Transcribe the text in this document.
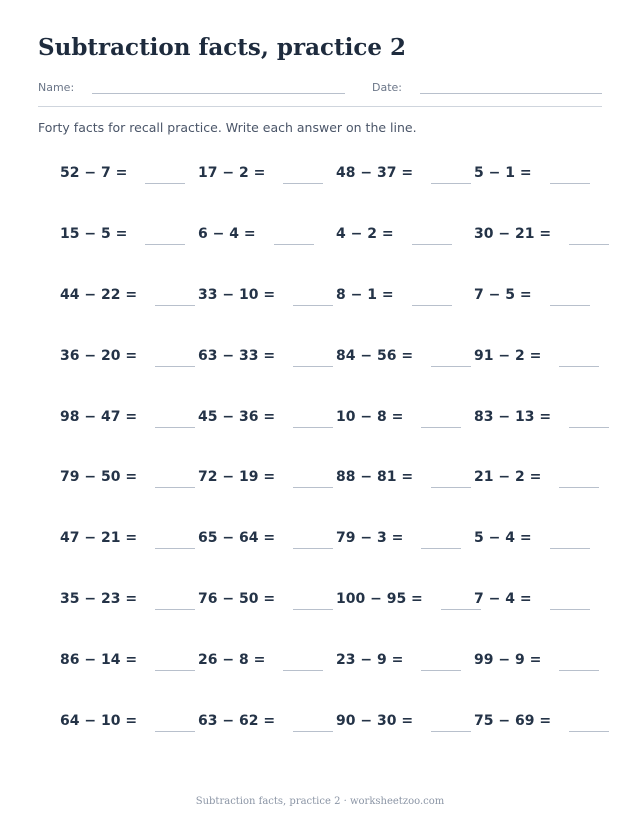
Subtraction facts, practice 2
Name:	Date:
Forty facts for recall practice. Write each answer on the line.
52 − 7 =	17 − 2 =	48 − 37 =	5 − 1 =
15 − 5 =	6 − 4 =	4 − 2 =	30 − 21 =
44 − 22 =	33 − 10 =	8 − 1 =	7 − 5 =
36 − 20 =	63 − 33 =	84 − 56 =	91 − 2 =
98 − 47 =	45 − 36 =	10 − 8 =	83 − 13 =
79 − 50 =	72 − 19 =	88 − 81 =	21 − 2 =
47 − 21 =	65 − 64 =	79 − 3 =	5 − 4 =
35 − 23 =	76 − 50 =	100 − 95 =	7 − 4 =
86 − 14 =	26 − 8 =	23 − 9 =	99 − 9 =
64 − 10 =	63 − 62 =	90 − 30 =	75 − 69 =
Subtraction facts, practice 2 · worksheetzoo.com
